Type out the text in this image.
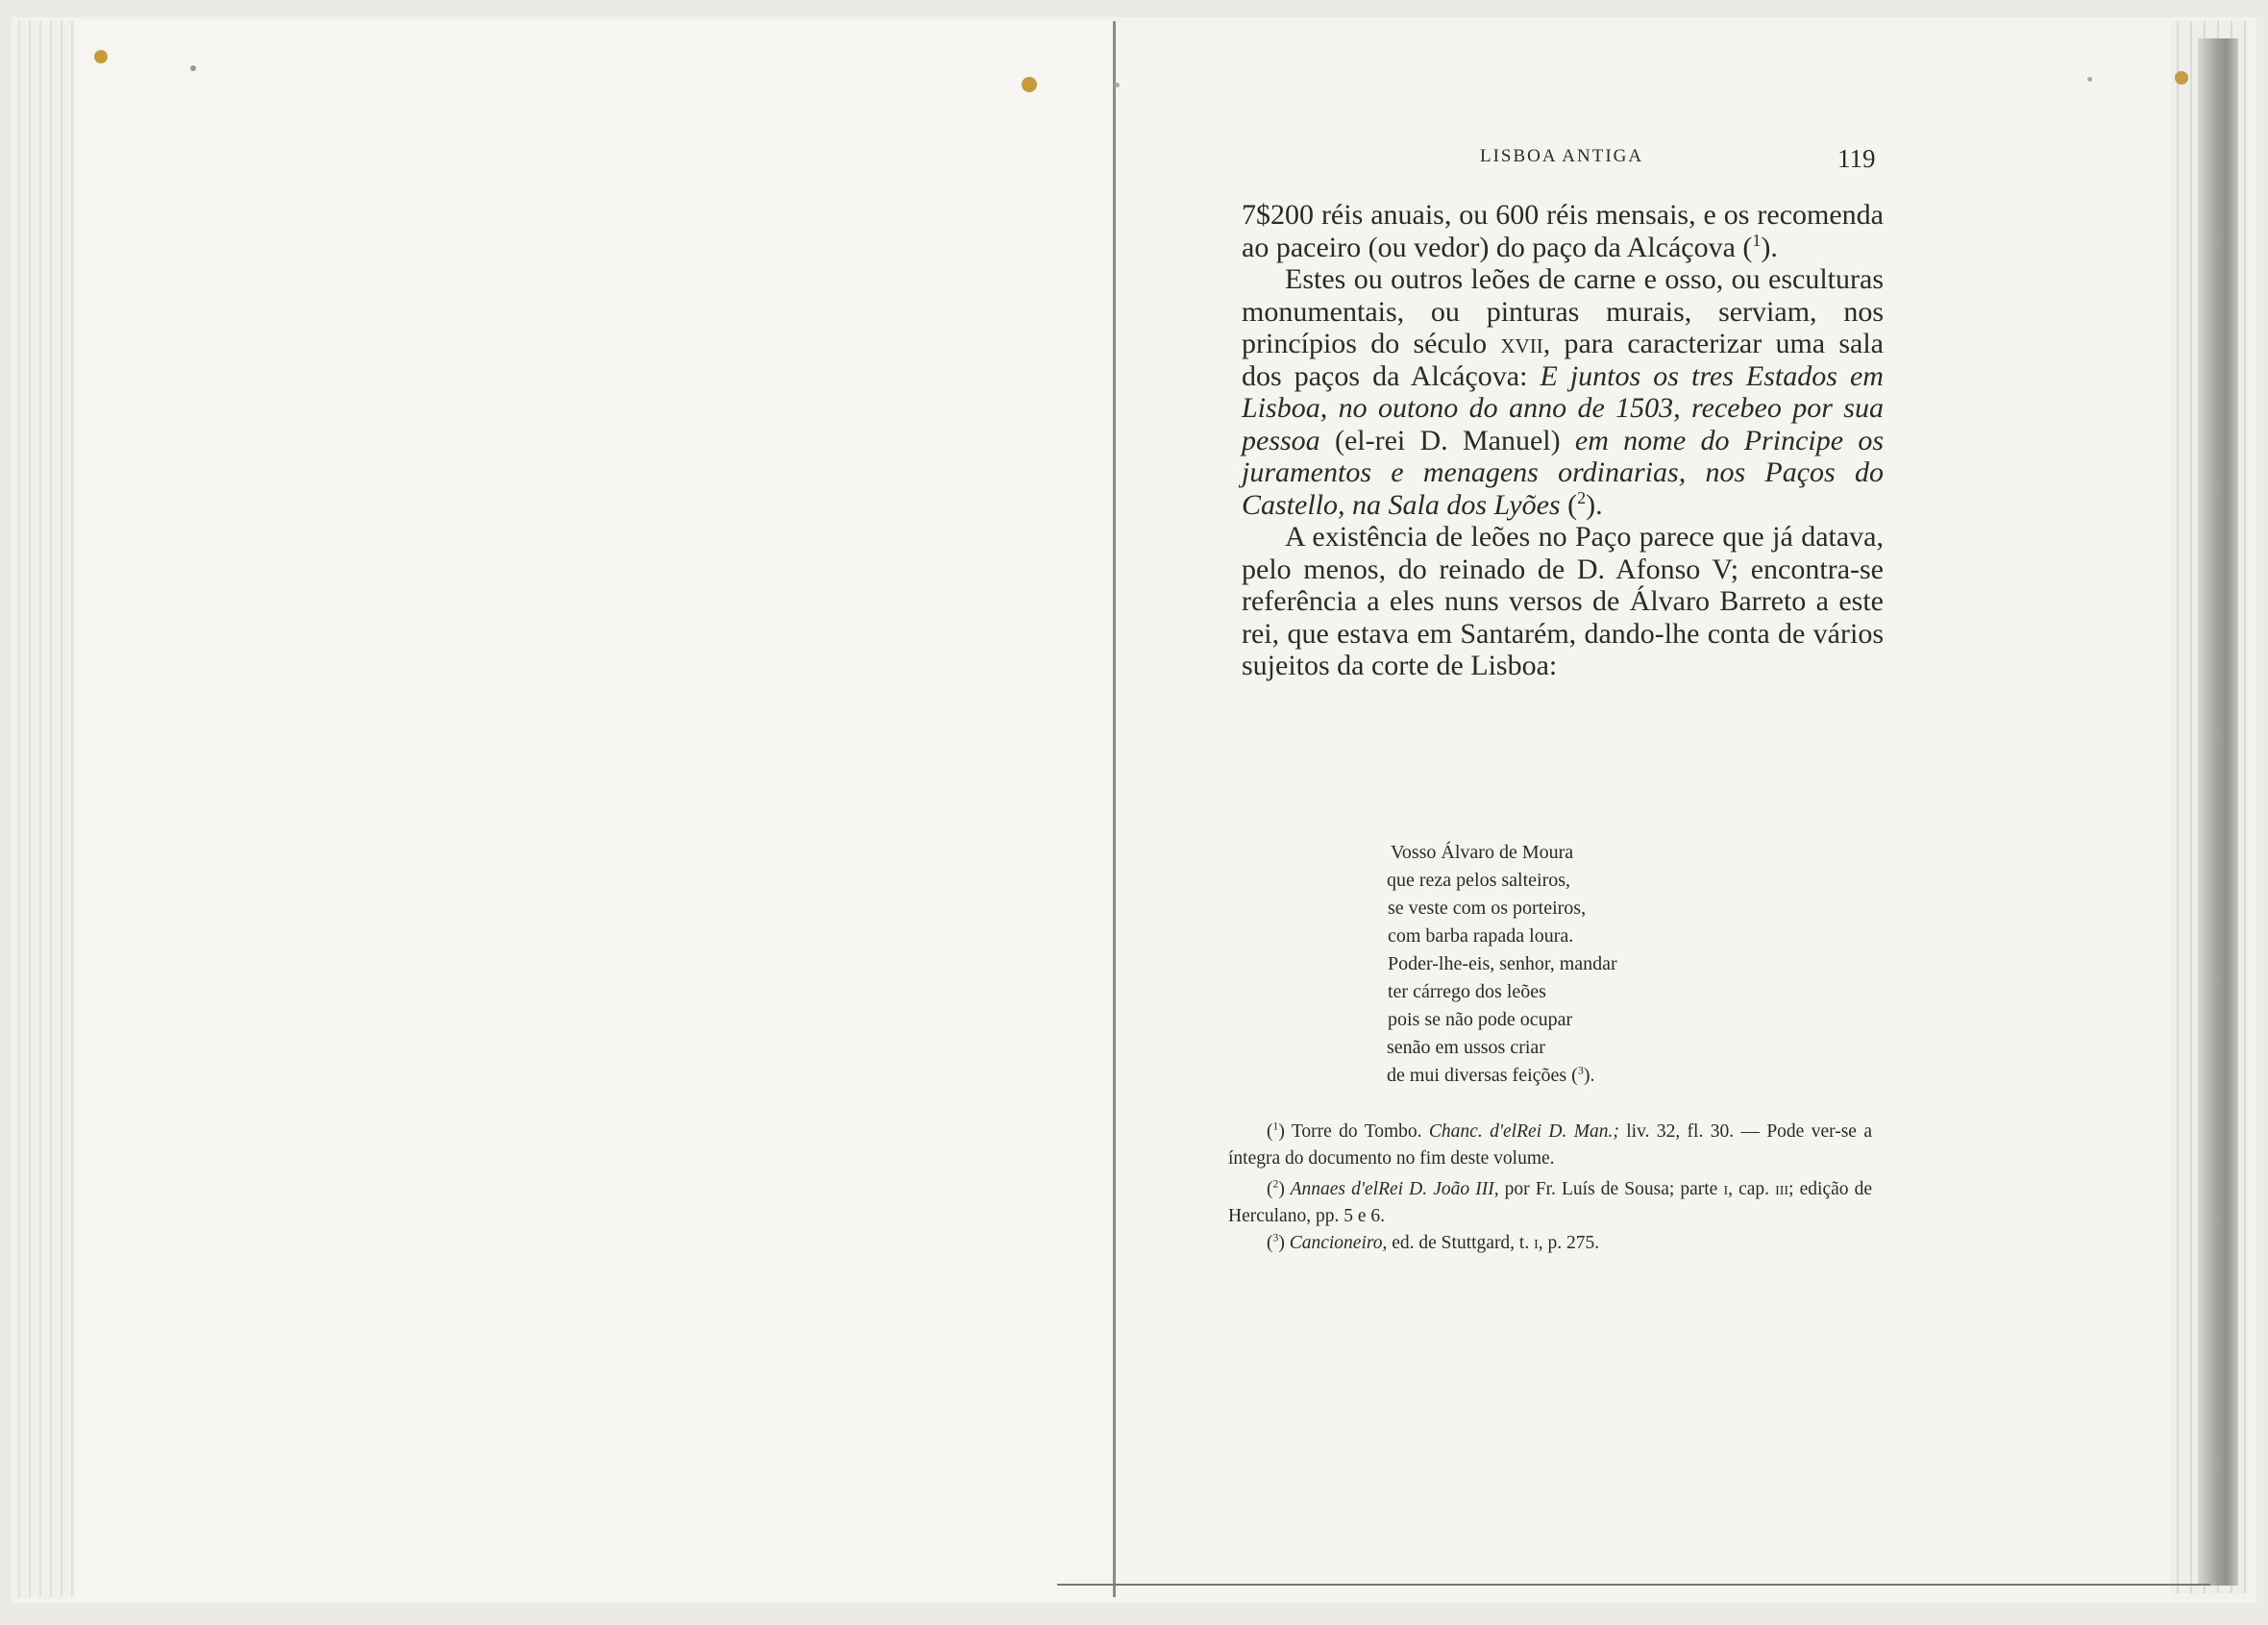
LISBOA ANTIGA	119

7$200 réis anuais, ou 600 réis mensais, e os recomenda ao paceiro (ou vedor) do paço da Alcáçova ($^1$).

Estes ou outros leões de carne e osso, ou esculturas monumentais, ou pinturas murais, serviam, nos princípios do século xvii, para caracterizar uma sala dos paços da Alcáçova: E juntos os tres Estados em Lisboa, no outono do anno de 1503, recebeo por sua pessoa (el-rei D. Manuel) em nome do Principe os juramentos e menagens ordinarias, nos Paços do Castello, na Sala dos Lyões ($^2$).

A existência de leões no Paço parece que já datava, pelo menos, do reinado de D. Afonso V; encontra-se referência a eles nuns versos de Álvaro Barreto a este rei, que estava em Santarém, dando-lhe conta de vários sujeitos da corte de Lisboa:

Vosso Álvaro de Moura
que reza pelos salteiros,
se veste com os porteiros,
com barba rapada loura.
Poder-lhe-eis, senhor, mandar
ter cárrego dos leões
pois se não pode ocupar
senão em ussos criar
de mui diversas feições ($^3$).

($^1$) Torre do Tombo. Chanc. d'elRei D. Man.; liv. 32, fl. 30. — Pode ver-se a íntegra do documento no fim deste volume.

($^2$) Annaes d'elRei D. João III, por Fr. Luís de Sousa; parte i, cap. iii; edição de Herculano, pp. 5 e 6.

($^3$) Cancioneiro, ed. de Stuttgard, t. i, p. 275.
